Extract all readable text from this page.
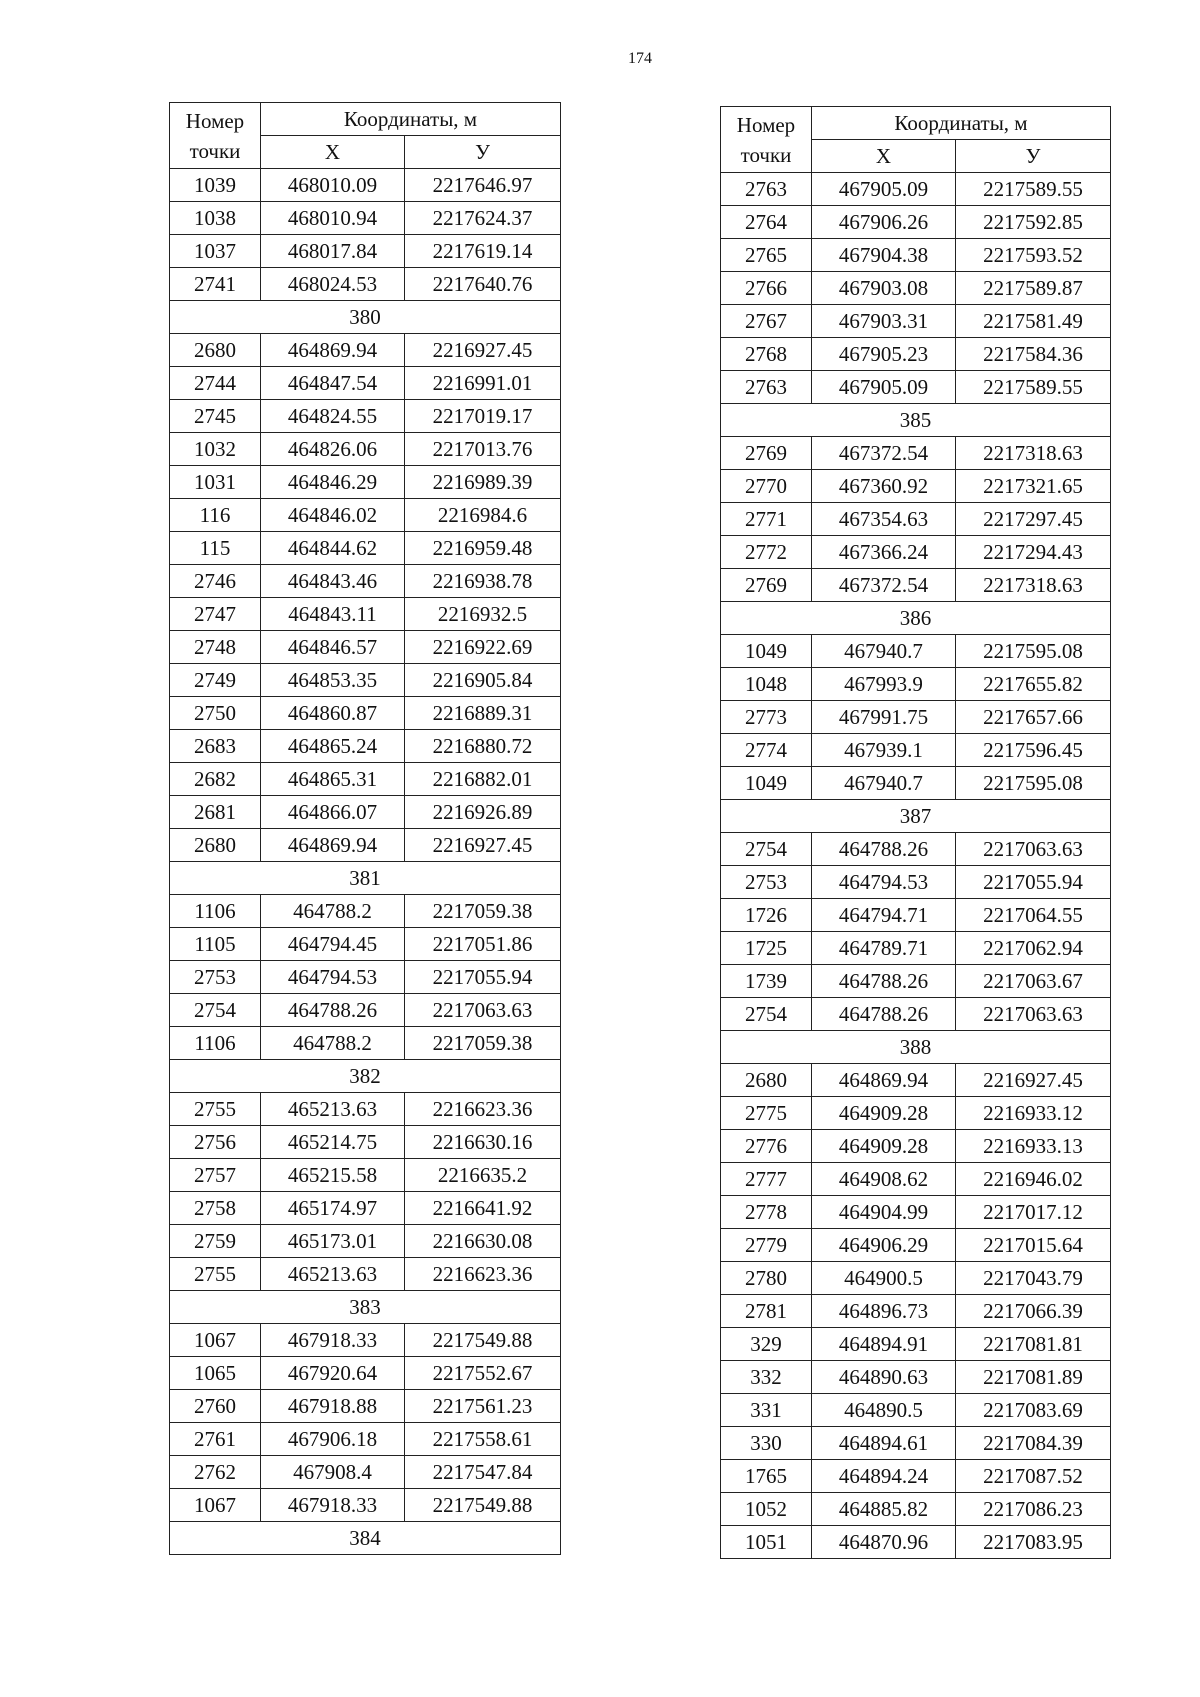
174
Номер
точки	Координаты, м	
	X	У
1039	468010.09	2217646.97
1038	468010.94	2217624.37
1037	468017.84	2217619.14
2741	468024.53	2217640.76
380		
2680	464869.94	2216927.45
2744	464847.54	2216991.01
2745	464824.55	2217019.17
1032	464826.06	2217013.76
1031	464846.29	2216989.39
116	464846.02	2216984.6
115	464844.62	2216959.48
2746	464843.46	2216938.78
2747	464843.11	2216932.5
2748	464846.57	2216922.69
2749	464853.35	2216905.84
2750	464860.87	2216889.31
2683	464865.24	2216880.72
2682	464865.31	2216882.01
2681	464866.07	2216926.89
2680	464869.94	2216927.45
381		
1106	464788.2	2217059.38
1105	464794.45	2217051.86
2753	464794.53	2217055.94
2754	464788.26	2217063.63
1106	464788.2	2217059.38
382		
2755	465213.63	2216623.36
2756	465214.75	2216630.16
2757	465215.58	2216635.2
2758	465174.97	2216641.92
2759	465173.01	2216630.08
2755	465213.63	2216623.36
383		
1067	467918.33	2217549.88
1065	467920.64	2217552.67
2760	467918.88	2217561.23
2761	467906.18	2217558.61
2762	467908.4	2217547.84
1067	467918.33	2217549.88
384		
Номер
точки	Координаты, м	
	X	У
2763	467905.09	2217589.55
2764	467906.26	2217592.85
2765	467904.38	2217593.52
2766	467903.08	2217589.87
2767	467903.31	2217581.49
2768	467905.23	2217584.36
2763	467905.09	2217589.55
385		
2769	467372.54	2217318.63
2770	467360.92	2217321.65
2771	467354.63	2217297.45
2772	467366.24	2217294.43
2769	467372.54	2217318.63
386		
1049	467940.7	2217595.08
1048	467993.9	2217655.82
2773	467991.75	2217657.66
2774	467939.1	2217596.45
1049	467940.7	2217595.08
387		
2754	464788.26	2217063.63
2753	464794.53	2217055.94
1726	464794.71	2217064.55
1725	464789.71	2217062.94
1739	464788.26	2217063.67
2754	464788.26	2217063.63
388		
2680	464869.94	2216927.45
2775	464909.28	2216933.12
2776	464909.28	2216933.13
2777	464908.62	2216946.02
2778	464904.99	2217017.12
2779	464906.29	2217015.64
2780	464900.5	2217043.79
2781	464896.73	2217066.39
329	464894.91	2217081.81
332	464890.63	2217081.89
331	464890.5	2217083.69
330	464894.61	2217084.39
1765	464894.24	2217087.52
1052	464885.82	2217086.23
1051	464870.96	2217083.95
